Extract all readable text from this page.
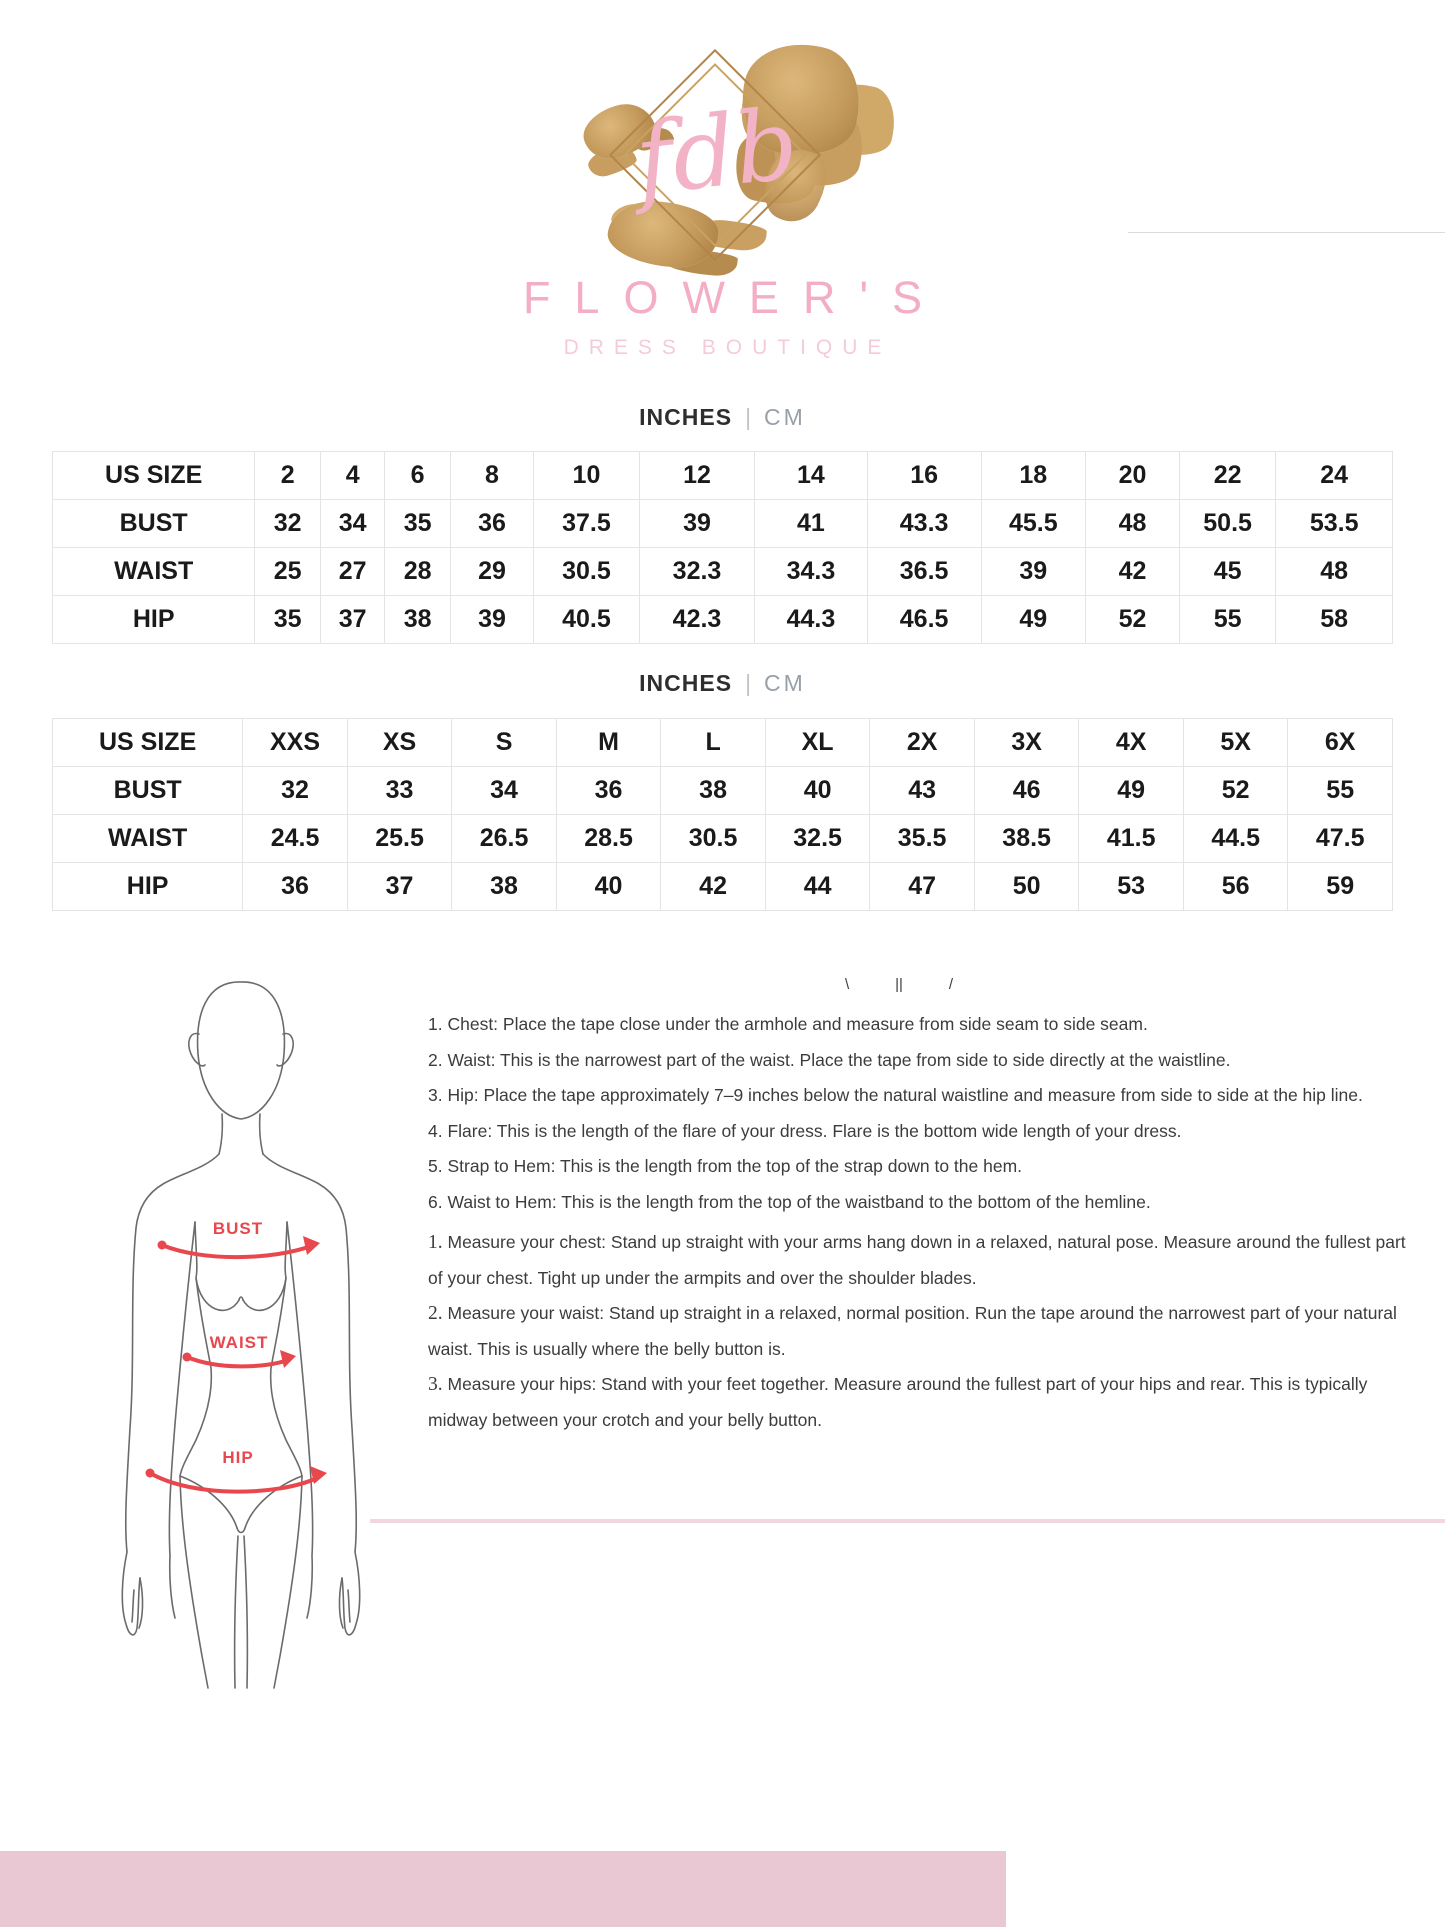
fdb
FLOWER'S
DRESS BOUTIQUE
INCHES | CM
US SIZE	2	4	6	8	10	12	14	16	18	20	22	24
BUST	32	34	35	36	37.5	39	41	43.3	45.5	48	50.5	53.5
WAIST	25	27	28	29	30.5	32.3	34.3	36.5	39	42	45	48
HIP	35	37	38	39	40.5	42.3	44.3	46.5	49	52	55	58
INCHES | CM
US SIZE	XXS	XS	S	M	L	XL	2X	3X	4X	5X	6X
BUST	32	33	34	36	38	40	43	46	49	52	55
WAIST	24.5	25.5	26.5	28.5	30.5	32.5	35.5	38.5	41.5	44.5	47.5
HIP	36	37	38	40	42	44	47	50	53	56	59
BUST
WAIST
HIP
\	||	/

1. Chest: Place the tape close under the armhole and measure from side seam to side seam.

2. Waist: This is the narrowest part of the waist. Place the tape from side to side directly at the waistline.

3. Hip: Place the tape approximately 7–9 inches below the natural waistline and measure from side to side at the hip line.

4. Flare: This is the length of the flare of your dress. Flare is the bottom wide length of your dress.

5. Strap to Hem: This is the length from the top of the strap down to the hem.

6. Waist to Hem: This is the length from the top of the waistband to the bottom of the hemline.

1. Measure your chest: Stand up straight with your arms hang down in a relaxed, natural pose. Measure around the fullest part of your chest. Tight up under the armpits and over the shoulder blades.

2. Measure your waist: Stand up straight in a relaxed, normal position. Run the tape around the narrowest part of your natural waist. This is usually where the belly button is.

3. Measure your hips: Stand with your feet together. Measure around the fullest part of your hips and rear. This is typically midway between your crotch and your belly button.
